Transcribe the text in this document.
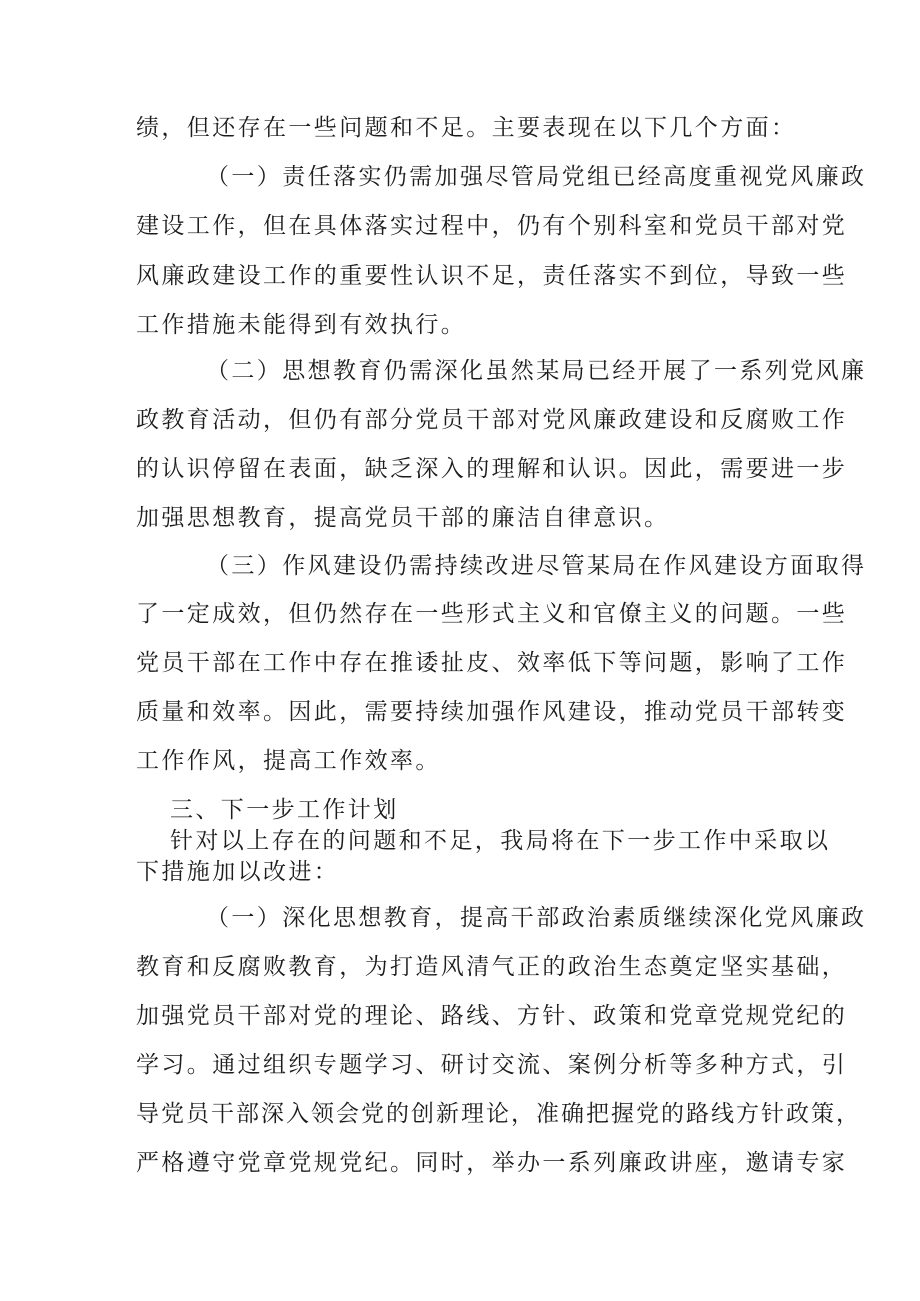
绩，但还存在一些问题和不足。主要表现在以下几个方面：
（一）责任落实仍需加强尽管局党组已经高度重视党风廉政
建设工作，但在具体落实过程中，仍有个别科室和党员干部对党
风廉政建设工作的重要性认识不足，责任落实不到位，导致一些
工作措施未能得到有效执行。
（二）思想教育仍需深化虽然某局已经开展了一系列党风廉
政教育活动，但仍有部分党员干部对党风廉政建设和反腐败工作
的认识停留在表面，缺乏深入的理解和认识。因此，需要进一步
加强思想教育，提高党员干部的廉洁自律意识。
（三）作风建设仍需持续改进尽管某局在作风建设方面取得
了一定成效，但仍然存在一些形式主义和官僚主义的问题。一些
党员干部在工作中存在推诿扯皮、效率低下等问题，影响了工作
质量和效率。因此，需要持续加强作风建设，推动党员干部转变
工作作风，提高工作效率。
三、下一步工作计划
针对以上存在的问题和不足，我局将在下一步工作中采取以
下措施加以改进：
（一）深化思想教育，提高干部政治素质继续深化党风廉政
教育和反腐败教育，为打造风清气正的政治生态奠定坚实基础，
加强党员干部对党的理论、路线、方针、政策和党章党规党纪的
学习。通过组织专题学习、研讨交流、案例分析等多种方式，引
导党员干部深入领会党的创新理论，准确把握党的路线方针政策，
严格遵守党章党规党纪。同时，举办一系列廉政讲座，邀请专家
